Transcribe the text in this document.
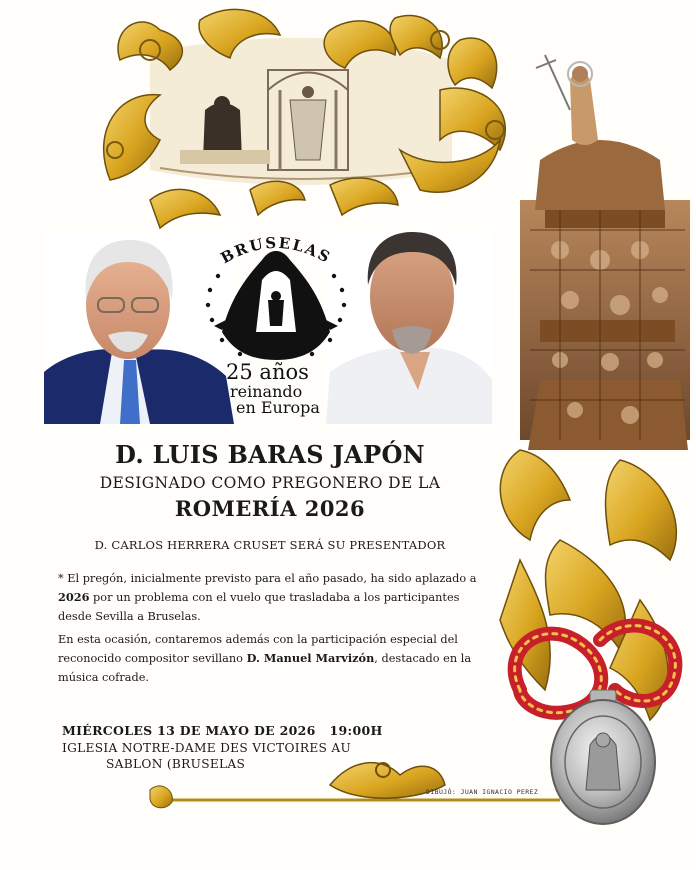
BRUSELAS
Rocío
25 años
reinando
en Europa
D. LUIS BARAS JAPÓN
DESIGNADO COMO PREGONERO DE LA
ROMERÍA 2026
D. CARLOS HERRERA CRUSET SERÁ SU PRESENTADOR
* El pregón, inicialmente previsto para el año pasado, ha sido aplazado a 2026 por un problema con el vuelo que trasladaba a los participantes desde Sevilla a Bruselas.
En esta ocasión, contaremos además con la participación especial del reconocido compositor sevillano D. Manuel Marvizón, destacado en la música cofrade.
MIÉRCOLES 13 DE MAYO DE 2026   19:00H
IGLESIA NOTRE-DAME DES VICTOIRES AU
SABLON (BRUSELAS
DIBUJÓ: JUAN IGNACIO PEREZ
